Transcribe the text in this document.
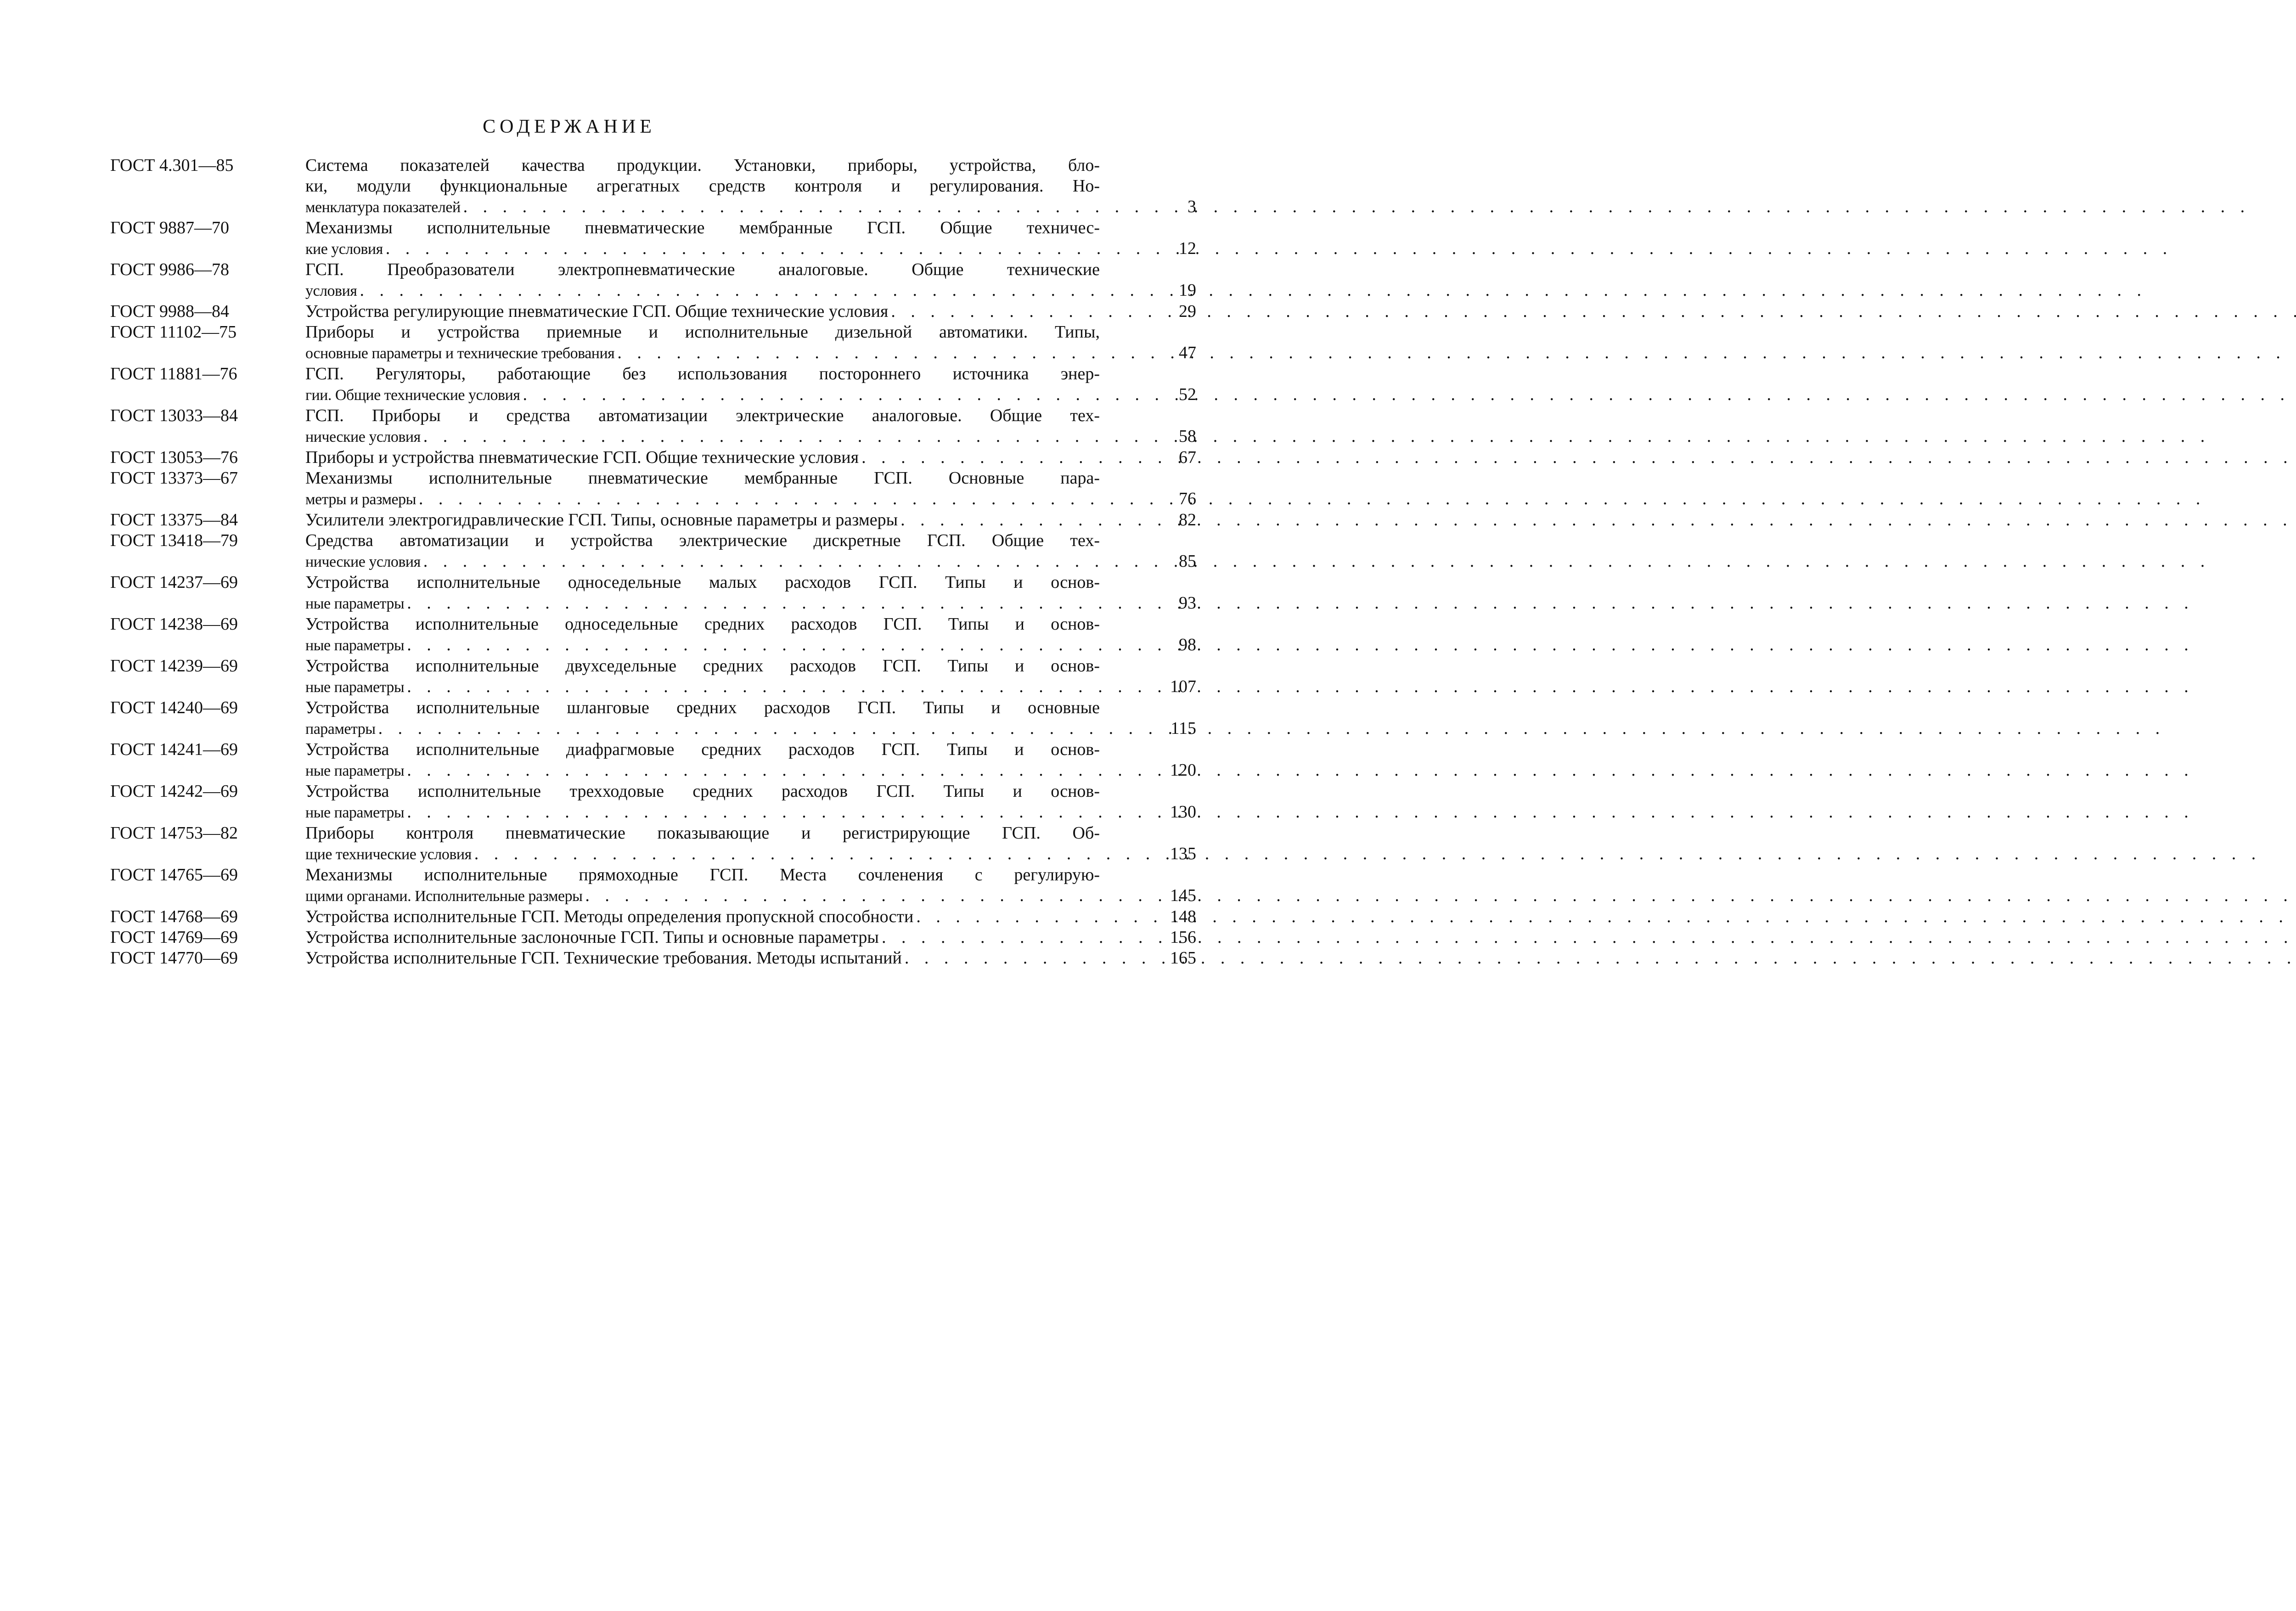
СОДЕРЖАНИЕ
ГОСТ 4.301—85	Система показателей качества продукции. Установки, приборы, устройства, бло-
ки, модули функциональные агрегатных средств контроля и регулирования. Но-
менклатура показателей . . .	3
ГОСТ 9887—70	Механизмы исполнительные пневматические мембранные ГСП. Общие техничес-
кие условия . . .	12
ГОСТ 9986—78	ГСП. Преобразователи электропневматические аналоговые. Общие технические
условия . . .	19
ГОСТ 9988—84	Устройства регулирующие пневматические ГСП. Общие технические условия . . .	29
ГОСТ 11102—75	Приборы и устройства приемные и исполнительные дизельной автоматики. Типы,
основные параметры и технические требования . . .	47
ГОСТ 11881—76	ГСП. Регуляторы, работающие без использования постороннего источника энер-
гии. Общие технические условия . . .	52
ГОСТ 13033—84	ГСП. Приборы и средства автоматизации электрические аналоговые. Общие тех-
нические условия . . .	58
ГОСТ 13053—76	Приборы и устройства пневматические ГСП. Общие технические условия . . .	67
ГОСТ 13373—67	Механизмы исполнительные пневматические мембранные ГСП. Основные пара-
метры и размеры . . .	76
ГОСТ 13375—84	Усилители электрогидравлические ГСП. Типы, основные параметры и размеры . . .	82
ГОСТ 13418—79	Средства автоматизации и устройства электрические дискретные ГСП. Общие тех-
нические условия . . .	85
ГОСТ 14237—69	Устройства исполнительные односедельные малых расходов ГСП. Типы и основ-
ные параметры . . .	93
ГОСТ 14238—69	Устройства исполнительные односедельные средних расходов ГСП. Типы и основ-
ные параметры . . .	98
ГОСТ 14239—69	Устройства исполнительные двухседельные средних расходов ГСП. Типы и основ-
ные параметры . . .	107
ГОСТ 14240—69	Устройства исполнительные шланговые средних расходов ГСП. Типы и основные
параметры . . .	115
ГОСТ 14241—69	Устройства исполнительные диафрагмовые средних расходов ГСП. Типы и основ-
ные параметры . . .	120
ГОСТ 14242—69	Устройства исполнительные трехходовые средних расходов ГСП. Типы и основ-
ные параметры . . .	130
ГОСТ 14753—82	Приборы контроля пневматические показывающие и регистрирующие ГСП. Об-
щие технические условия . . .	135
ГОСТ 14765—69	Механизмы исполнительные прямоходные ГСП. Места сочленения с регулирую-
щими органами. Исполнительные размеры . . .	145
ГОСТ 14768—69	Устройства исполнительные ГСП. Методы определения пропускной способности . . .	148
ГОСТ 14769—69	Устройства исполнительные заслоночные ГСП. Типы и основные параметры . . .	156
ГОСТ 14770—69	Устройства исполнительные ГСП. Технические требования. Методы испытаний . . .	165
